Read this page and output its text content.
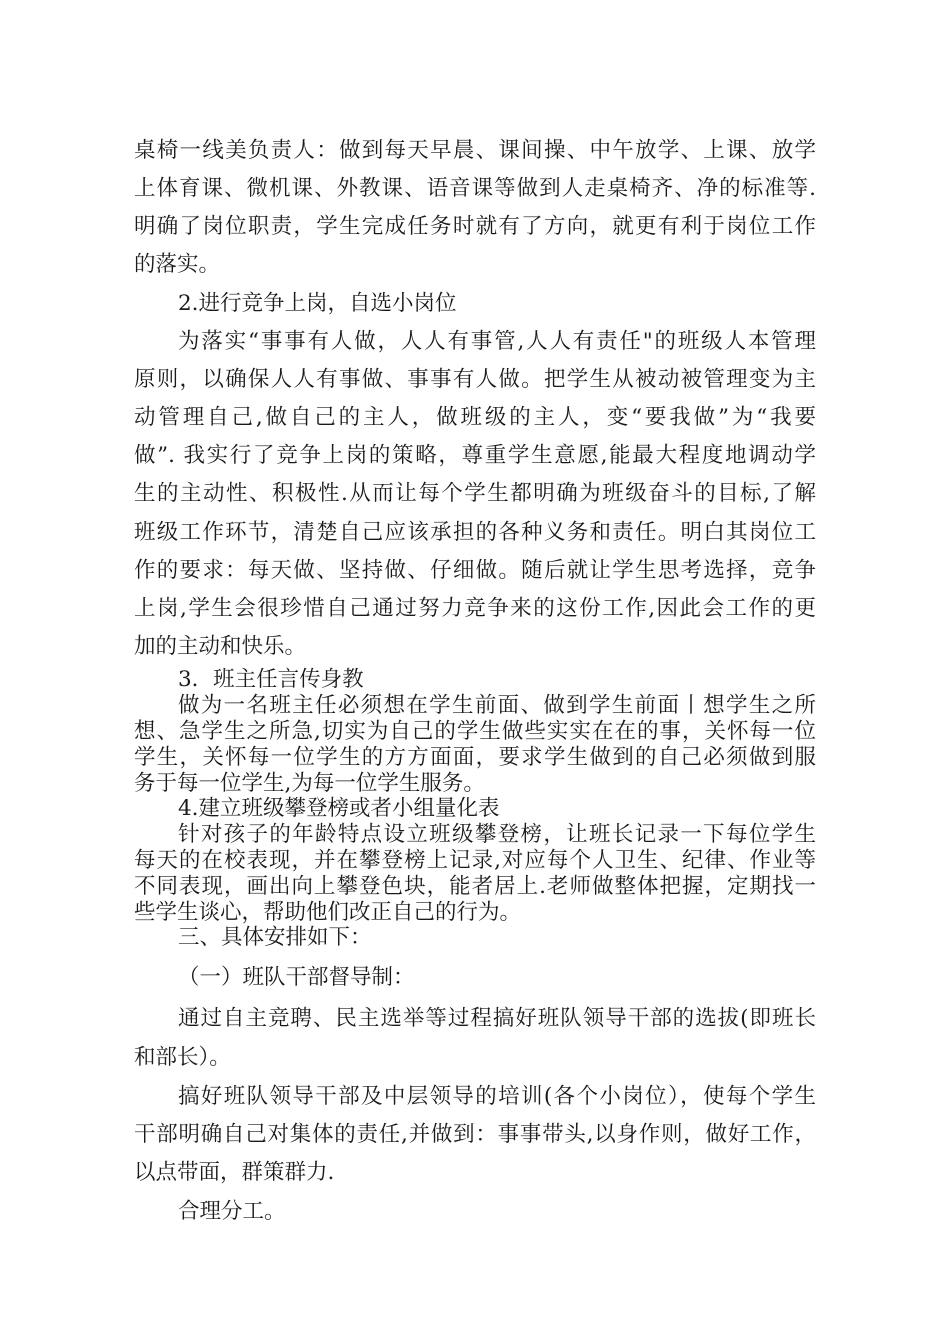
桌椅一线美负责人：做到每天早晨、课间操、中午放学、上课、放学
上体育课、微机课、外教课、语音课等做到人走桌椅齐、净的标准等.
明确了岗位职责，学生完成任务时就有了方向，就更有利于岗位工作
的落实。
2.进行竞争上岗，自选小岗位
为落实“事事有人做，人人有事管,人人有责任"的班级人本管理
原则，以确保人人有事做、事事有人做。把学生从被动被管理变为主
动管理自己,做自己的主人，做班级的主人，变“要我做”为“我要
做”. 我实行了竞争上岗的策略，尊重学生意愿,能最大程度地调动学
生的主动性、积极性.从而让每个学生都明确为班级奋斗的目标,了解
班级工作环节，清楚自己应该承担的各种义务和责任。明白其岗位工
作的要求：每天做、坚持做、仔细做。随后就让学生思考选择，竞争
上岗,学生会很珍惜自己通过努力竞争来的这份工作,因此会工作的更
加的主动和快乐。
3．班主任言传身教
做为一名班主任必须想在学生前面、做到学生前面丨想学生之所
想、急学生之所急,切实为自己的学生做些实实在在的事，关怀每一位
学生，关怀每一位学生的方方面面，要求学生做到的自己必须做到服
务于每一位学生,为每一位学生服务。
4.建立班级攀登榜或者小组量化表
针对孩子的年龄特点设立班级攀登榜，让班长记录一下每位学生
每天的在校表现，并在攀登榜上记录,对应每个人卫生、纪律、作业等
不同表现，画出向上攀登色块，能者居上.老师做整体把握，定期找一
些学生谈心，帮助他们改正自己的行为。
三、具体安排如下：
（一）班队干部督导制：
通过自主竞聘、民主选举等过程搞好班队领导干部的选拔(即班长
和部长）。
搞好班队领导干部及中层领导的培训(各个小岗位），使每个学生
干部明确自己对集体的责任,并做到：事事带头,以身作则，做好工作，
以点带面，群策群力.
合理分工。
